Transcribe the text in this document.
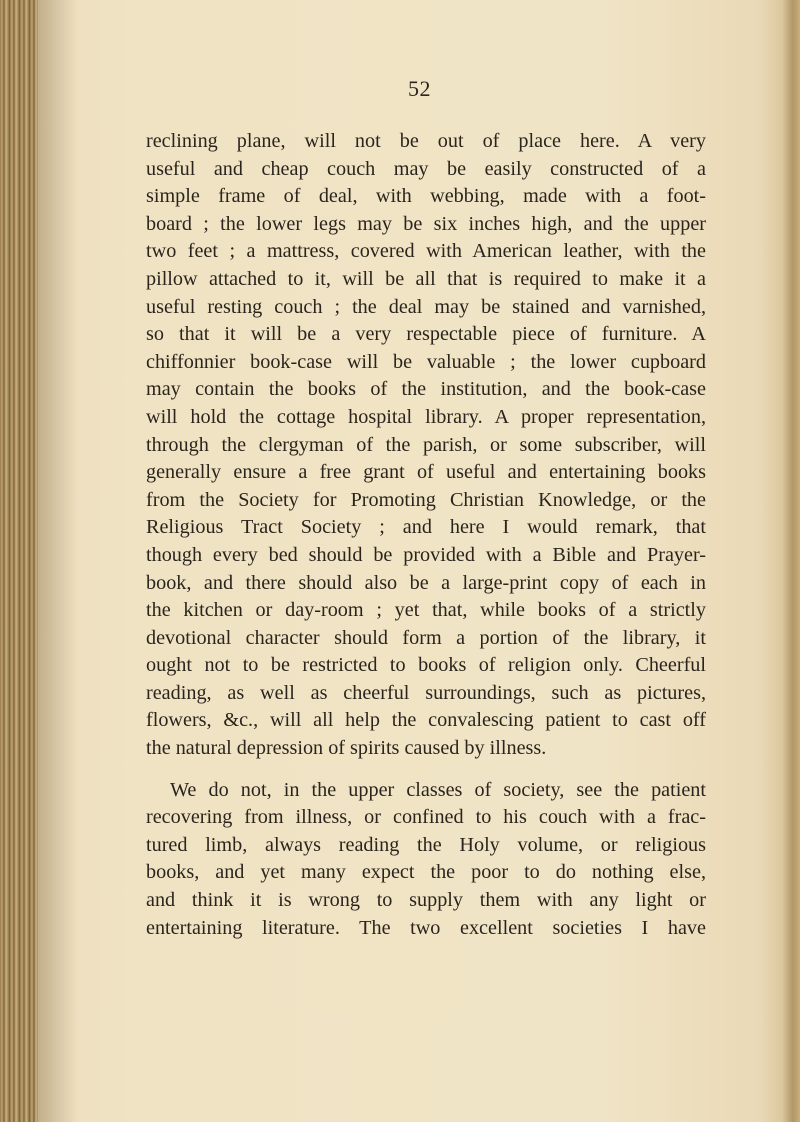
52
reclining plane, will not be out of place here. A very
useful and cheap couch may be easily constructed of a
simple frame of deal, with webbing, made with a foot-
board ; the lower legs may be six inches high, and the upper
two feet ; a mattress, covered with American leather, with the
pillow attached to it, will be all that is required to make it a
useful resting couch ; the deal may be stained and varnished,
so that it will be a very respectable piece of furniture. A
chiffonnier book-case will be valuable ; the lower cupboard
may contain the books of the institution, and the book-case
will hold the cottage hospital library. A proper representation,
through the clergyman of the parish, or some subscriber, will
generally ensure a free grant of useful and entertaining books
from the Society for Promoting Christian Knowledge, or the
Religious Tract Society ; and here I would remark, that
though every bed should be provided with a Bible and Prayer-
book, and there should also be a large-print copy of each in
the kitchen or day-room ; yet that, while books of a strictly
devotional character should form a portion of the library, it
ought not to be restricted to books of religion only. Cheerful
reading, as well as cheerful surroundings, such as pictures,
flowers, &c., will all help the convalescing patient to cast off
the natural depression of spirits caused by illness.
We do not, in the upper classes of society, see the patient
recovering from illness, or confined to his couch with a frac-
tured limb, always reading the Holy volume, or religious
books, and yet many expect the poor to do nothing else,
and think it is wrong to supply them with any light or
entertaining literature. The two excellent societies I have
